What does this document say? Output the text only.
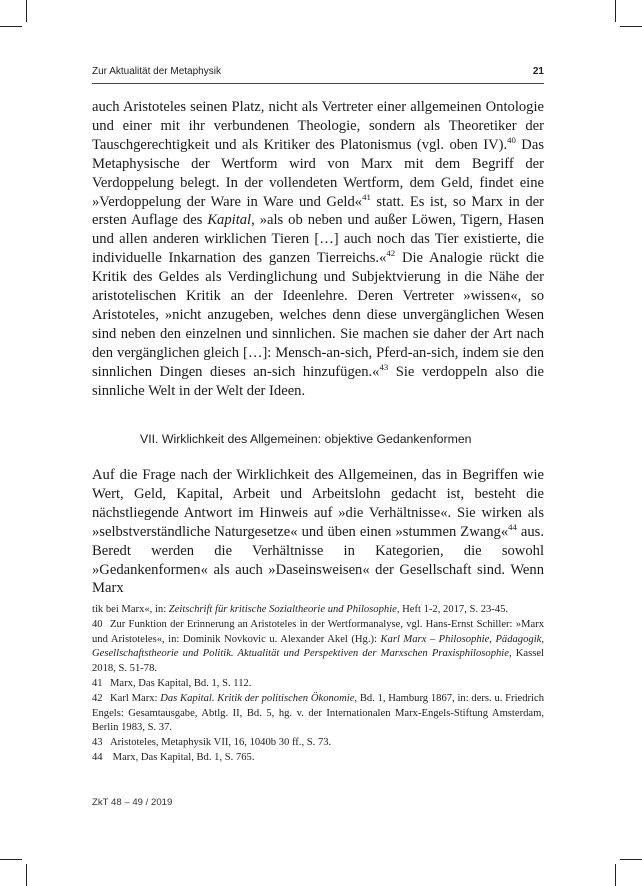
Zur Aktualität der Metaphysik	21

auch Aristoteles seinen Platz, nicht als Vertreter einer allgemeinen Ontologie und einer mit ihr verbundenen Theologie, sondern als Theoretiker der Tauschgerechtigkeit und als Kritiker des Platonismus (vgl. oben IV).$^{40}$ Das Metaphysische der Wertform wird von Marx mit dem Begriff der Verdoppelung belegt. In der vollendeten Wertform, dem Geld, findet eine »Verdoppelung der Ware in Ware und Geld«$^{41}$ statt. Es ist, so Marx in der ersten Auflage des Kapital, »als ob neben und außer Löwen, Tigern, Hasen und allen anderen wirklichen Tieren […] auch noch das Tier existierte, die individuelle Inkarnation des ganzen Tierreichs.«$^{42}$ Die Analogie rückt die Kritik des Geldes als Verdinglichung und Subjektvierung in die Nähe der aristotelischen Kritik an der Ideenlehre. Deren Vertreter »wissen«, so Aristoteles, »nicht anzugeben, welches denn diese unvergänglichen Wesen sind neben den einzelnen und sinnlichen. Sie machen sie daher der Art nach den vergänglichen gleich […]: Mensch-an-sich, Pferd-an-sich, indem sie den sinnlichen Dingen dieses an-sich hinzufügen.«$^{43}$ Sie verdoppeln also die sinnliche Welt in der Welt der Ideen.

VII. Wirklichkeit des Allgemeinen: objektive Gedankenformen

Auf die Frage nach der Wirklichkeit des Allgemeinen, das in Begriffen wie Wert, Geld, Kapital, Arbeit und Arbeitslohn gedacht ist, besteht die nächstliegende Antwort im Hinweis auf »die Verhältnisse«. Sie wirken als »selbstverständliche Naturgesetze« und üben einen »stummen Zwang«$^{44}$ aus. Beredt werden die Verhältnisse in Kategorien, die sowohl »Gedankenformen« als auch »Daseinsweisen« der Gesellschaft sind. Wenn Marx

tik bei Marx«, in: Zeitschrift für kritische Sozialtheorie und Philosophie, Heft 1-2, 2017, S. 23-45.

40 Zur Funktion der Erinnerung an Aristoteles in der Wertformanalyse, vgl. Hans-Ernst Schiller: »Marx und Aristoteles«, in: Dominik Novkovic u. Alexander Akel (Hg.): Karl Marx – Philosophie, Pädagogik, Gesellschaftstheorie und Politik. Aktualität und Perspektiven der Marxschen Praxisphilosophie, Kassel 2018, S. 51-78.

41 Marx, Das Kapital, Bd. 1, S. 112.

42 Karl Marx: Das Kapital. Kritik der politischen Ökonomie, Bd. 1, Hamburg 1867, in: ders. u. Friedrich Engels: Gesamtausgabe, Abtlg. II, Bd. 5, hg. v. der Internationalen Marx-Engels-Stiftung Amsterdam, Berlin 1983, S. 37.

43 Aristoteles, Metaphysik VII, 16, 1040b 30 ff., S. 73.

44 Marx, Das Kapital, Bd. 1, S. 765.

ZkT 48 – 49 / 2019
